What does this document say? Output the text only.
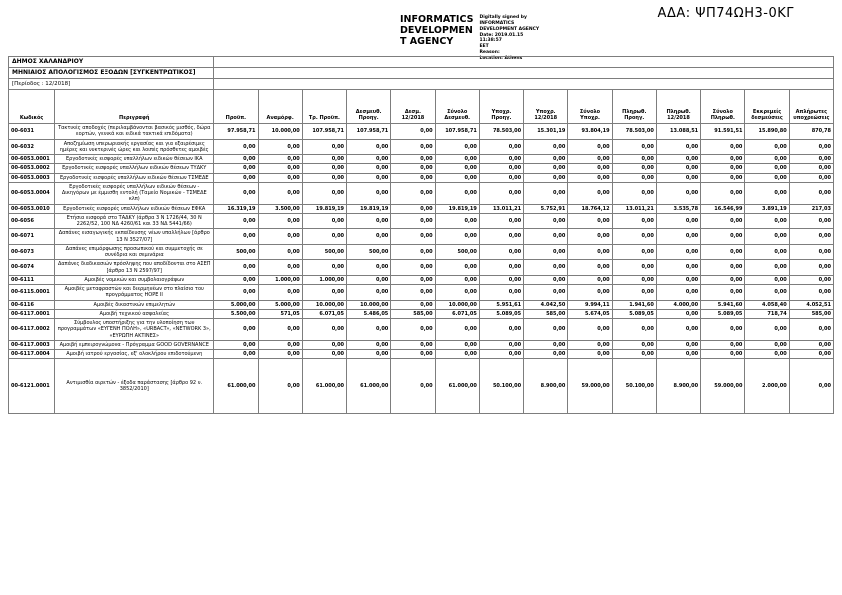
ΑΔΑ: ΨΠ74ΩΗ3-0ΚΓ
INFORMATICS
DEVELOPMEN
T AGENCY
Digitally signed by
INFORMATICS
DEVELOPMENT AGENCY
Date: 2019.01.15 11:38:57
EET
Reason:
Location: Athens
ΔΗΜΟΣ ΧΑΛΑΝΔΡΙΟΥ															
ΜΗΝΙΑΙΟΣ ΑΠΟΛΟΓΙΣΜΟΣ ΕΞΟΔΩΝ [ΣΥΓΚΕΝΤΡΩΤΙΚΟΣ]															
[Περίοδος : 12/2018]															
Κωδικός	Περιγραφή	Προϋπ.	Αναμόρφ.	Τρ. Προϋπ.	Δεσμευθ. Προηγ.	Δεσμ. 12/2018	Σύνολο Δεσμευθ.	Υποχρ. Προηγ.	Υποχρ. 12/2018	Σύνολο Υποχρ.	Πληρωθ. Προηγ.	Πληρωθ. 12/2018	Σύνολο Πληρωθ.	Εκκρεμείς δεσμεύσεις	Απλήρωτες υποχρεώσεις
00-6031	Τακτικές αποδοχές (περιλαμβάνονται βασικός μισθός, δώρα εορτών, γενικά και ειδικά τακτικά επιδόματα)	97.958,71	10.000,00	107.958,71	107.958,71	0,00	107.958,71	78.503,00	15.301,19	93.804,19	78.503,00	13.088,51	91.591,51	15.890,80	870,78
00-6032	Αποζημίωση υπερωριακής εργασίας και για εξαιρέσιμες ημέρες και νυκτερινές ώρες και λοιπές πρόσθετες αμοιβές	0,00	0,00	0,00	0,00	0,00	0,00	0,00	0,00	0,00	0,00	0,00	0,00	0,00	0,00
00-6053.0001	Εργοδοτικές εισφορές υπαλλήλων ειδικών θέσεων ΙΚΑ	0,00	0,00	0,00	0,00	0,00	0,00	0,00	0,00	0,00	0,00	0,00	0,00	0,00	0,00
00-6053.0002	Εργοδοτικές εισφορές υπαλλήλων ειδικών θέσεων ΤΥΔΚΥ	0,00	0,00	0,00	0,00	0,00	0,00	0,00	0,00	0,00	0,00	0,00	0,00	0,00	0,00
00-6053.0003	Εργοδοτικές εισφορές υπαλλήλων ειδικών θέσεων ΤΣΜΕΔΕ	0,00	0,00	0,00	0,00	0,00	0,00	0,00	0,00	0,00	0,00	0,00	0,00	0,00	0,00
00-6053.0004	Εργοδοτικές εισφορές υπαλλήλων ειδικών θέσεων - Δικηγόρων με έμμισθη εντολή (Ταμείο Νομικών - ΤΣΜΕΔΕ κλπ)	0,00	0,00	0,00	0,00	0,00	0,00	0,00	0,00	0,00	0,00	0,00	0,00	0,00	0,00
00-6053.0010	Εργοδοτικές εισφορές υπαλλήλων ειδικών θέσεων ΕΦΚΑ	16.319,19	3.500,00	19.819,19	19.819,19	0,00	19.819,19	13.011,21	5.752,91	18.764,12	13.011,21	3.535,78	16.546,99	3.891,19	217,03
00-6056	Ετήσια εισφορά στο ΤΑΔΚΥ (άρθρα 3 Ν 1726/44, 30 Ν 2262/52, 100 ΝΔ 4260/61 και 33 ΝΔ 5441/66)	0,00	0,00	0,00	0,00	0,00	0,00	0,00	0,00	0,00	0,00	0,00	0,00	0,00	0,00
00-6071	Δαπάνες εισαγωγικής εκπαίδευσης νέων υπαλλήλων [άρθρο 13 Ν 3527/07]	0,00	0,00	0,00	0,00	0,00	0,00	0,00	0,00	0,00	0,00	0,00	0,00	0,00	0,00
00-6073	Δαπάνες επιμόρφωσης προσωπικού και συμμετοχής σε συνέδρια και σεμινάρια	500,00	0,00	500,00	500,00	0,00	500,00	0,00	0,00	0,00	0,00	0,00	0,00	0,00	0,00
00-6074	Δαπάνες διαδικασιών πρόσληψης που αποδίδονται στο ΑΣΕΠ [άρθρο 13 Ν 2597/97]	0,00	0,00	0,00	0,00	0,00	0,00	0,00	0,00	0,00	0,00	0,00	0,00	0,00	0,00
00-6111	Αμοιβές νομικών και συμβολαιογράφων	0,00	1.000,00	1.000,00	0,00	0,00	0,00	0,00	0,00	0,00	0,00	0,00	0,00	0,00	0,00
00-6115.0001	Αμοιβές μεταφραστών και διερμηνέων στο πλαίσιο του προγράμματος HOPE II	0,00	0,00	0,00	0,00	0,00	0,00	0,00	0,00	0,00	0,00	0,00	0,00	0,00	0,00
00-6116	Αμοιβές δικαστικών επιμελητών	5.000,00	5.000,00	10.000,00	10.000,00	0,00	10.000,00	5.951,61	4.042,50	9.994,11	1.941,60	4.000,00	5.941,60	4.058,40	4.052,51
00-6117.0001	Αμοιβή τεχνικού ασφαλείας	5.500,00	571,05	6.071,05	5.486,05	585,00	6.071,05	5.089,05	585,00	5.674,05	5.089,05	0,00	5.089,05	718,74	585,00
00-6117.0002	Σύμβουλος υποστήριξης για την υλοποίηση των προγραμμάτων «ΕΥΓΕΝΗ ΠΟΛΗ», «URBACT», «NETWORK 3», «ΕΥΡΩΠΗ ΑΚΤΙΝΕΣ»	0,00	0,00	0,00	0,00	0,00	0,00	0,00	0,00	0,00	0,00	0,00	0,00	0,00	0,00
00-6117.0003	Αμοιβή εμπειρογνώμονα - Πρόγραμμα GOOD GOVERNANCE	0,00	0,00	0,00	0,00	0,00	0,00	0,00	0,00	0,00	0,00	0,00	0,00	0,00	0,00
00-6117.0004	Αμοιβή ιατρού εργασίας, εξ' ολοκλήρου επιδοτούμενη	0,00	0,00	0,00	0,00	0,00	0,00	0,00	0,00	0,00	0,00	0,00	0,00	0,00	0,00
00-6121.0001	Αντιμισθία αιρετών - έξοδα παράστασης [άρθρο 92 ν. 3852/2010]	61.000,00	0,00	61.000,00	61.000,00	0,00	61.000,00	50.100,00	8.900,00	59.000,00	50.100,00	8.900,00	59.000,00	2.000,00	0,00
